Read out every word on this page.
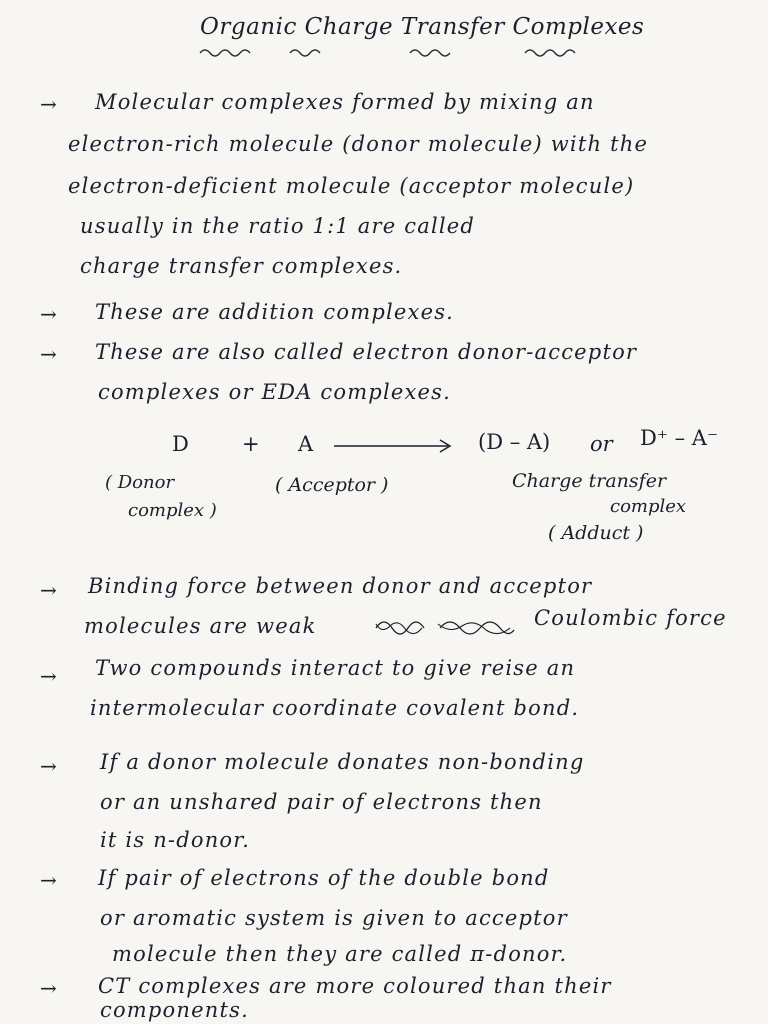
Organic Charge Transfer Complexes
→ Molecular complexes formed by mixing an
electron-rich molecule (donor molecule) with the
electron-deficient molecule (acceptor molecule)
usually in the ratio 1:1 are called
charge transfer complexes.
→ These are addition complexes.
→ These are also called electron donor-acceptor
complexes or EDA complexes.
D	+ A	(D – A) or D⁺ – A⁻
( Donor
complex )
( Acceptor )	Charge transfer
complex
( Adduct )
→ Binding force between donor and acceptor
molecules are weak	Coulombic force
→ Two compounds interact to give reise an
intermolecular coordinate covalent bond.
→ If a donor molecule donates non-bonding
or an unshared pair of electrons then
it is n-donor.
→ If pair of electrons of the double bond
or aromatic system is given to acceptor
molecule then they are called π-donor.
→ CT complexes are more coloured than their
components.
